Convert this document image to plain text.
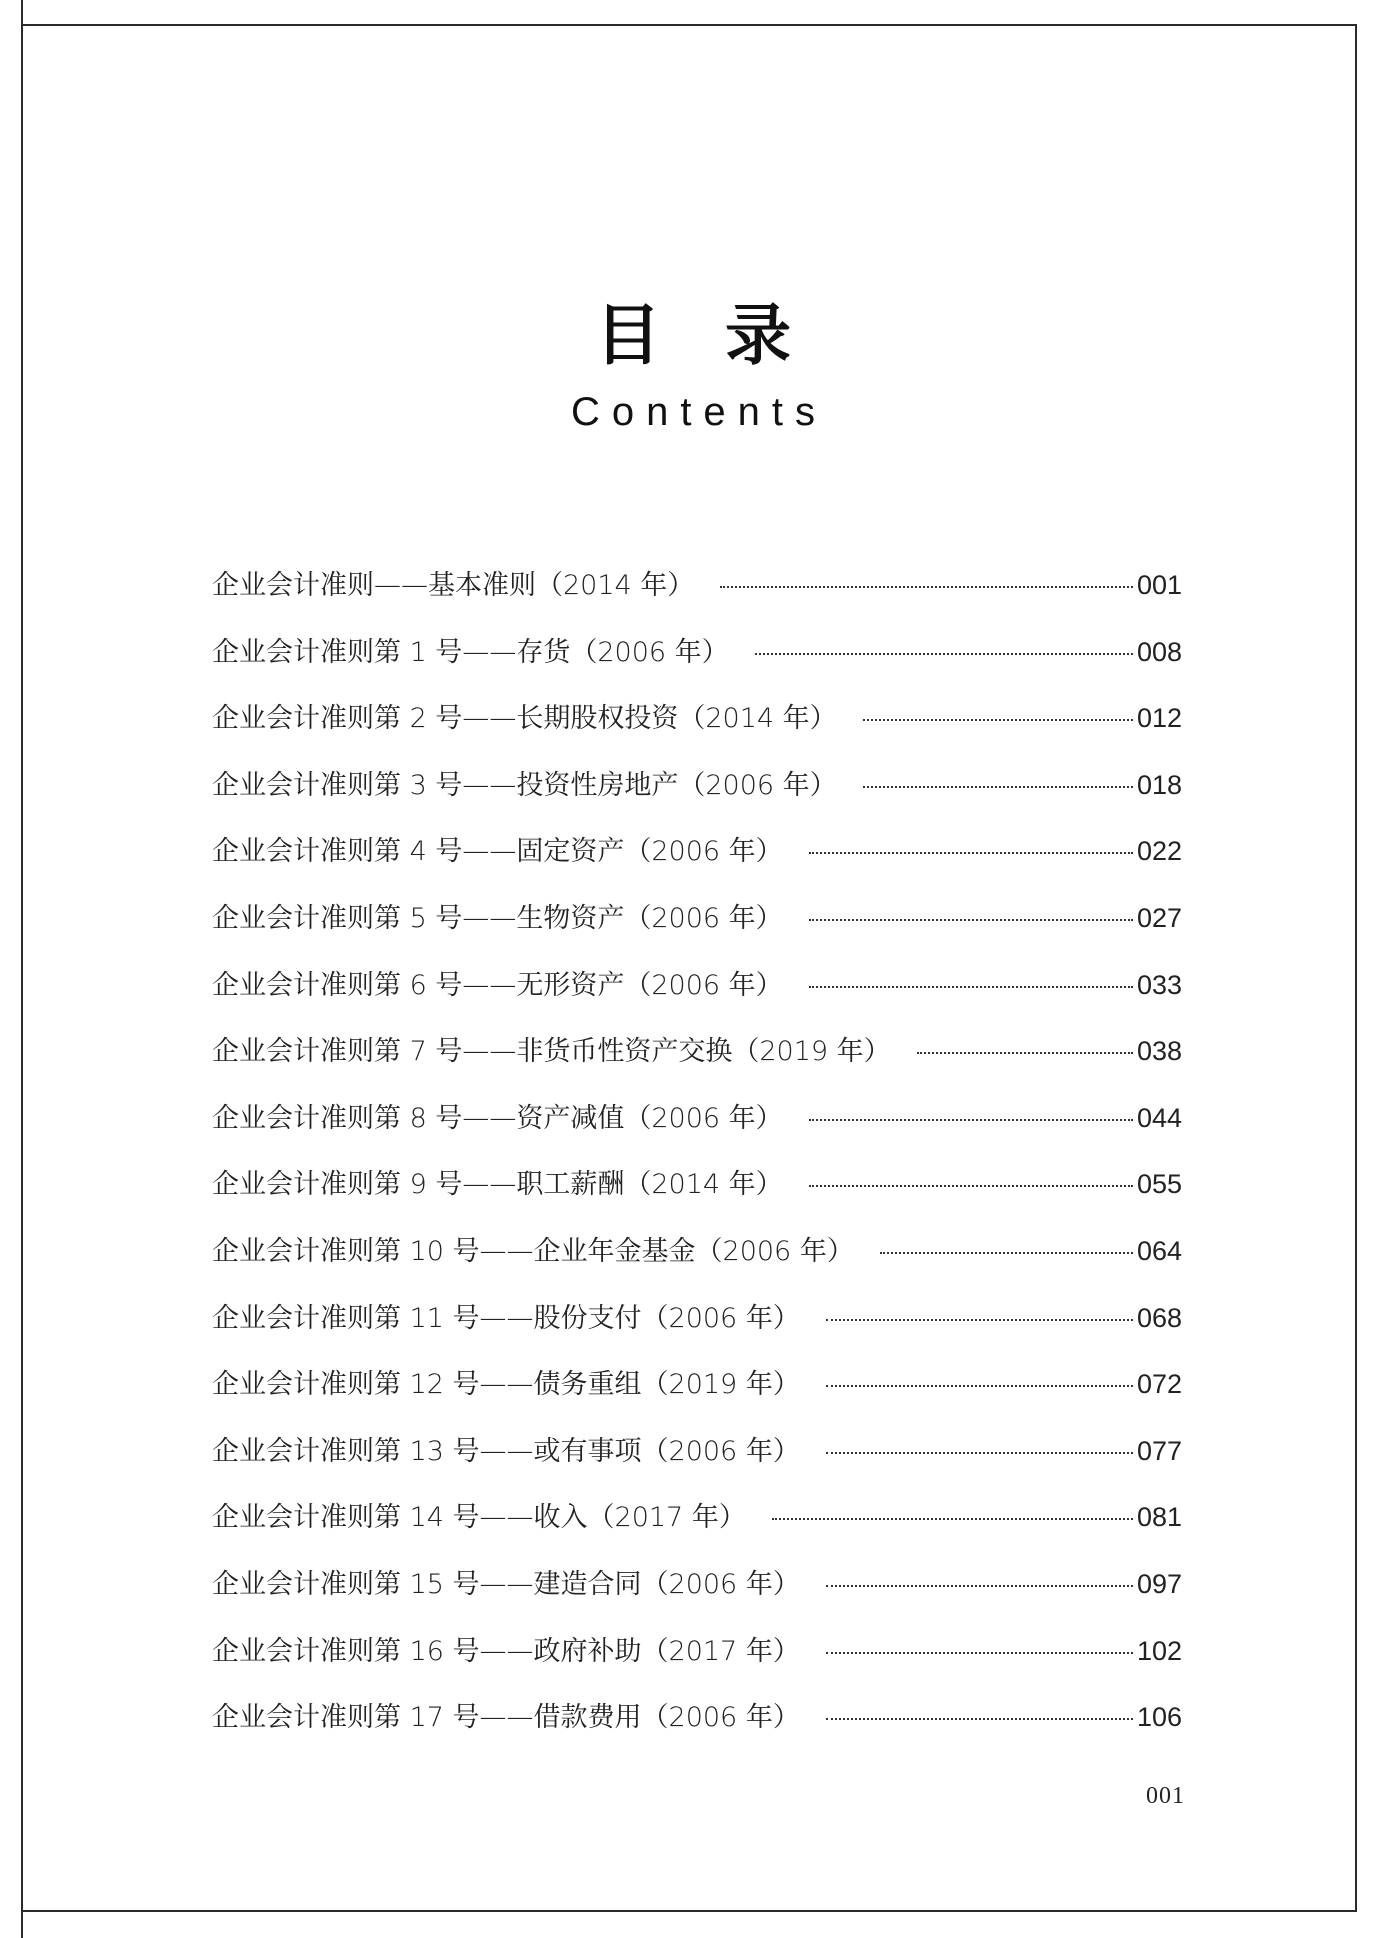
目录
Contents
企业会计准则——基本准则（2014 年）	001
企业会计准则第 1 号——存货（2006 年）	008
企业会计准则第 2 号——长期股权投资（2014 年）	012
企业会计准则第 3 号——投资性房地产（2006 年）	018
企业会计准则第 4 号——固定资产（2006 年）	022
企业会计准则第 5 号——生物资产（2006 年）	027
企业会计准则第 6 号——无形资产（2006 年）	033
企业会计准则第 7 号——非货币性资产交换（2019 年）	038
企业会计准则第 8 号——资产减值（2006 年）	044
企业会计准则第 9 号——职工薪酬（2014 年）	055
企业会计准则第 10 号——企业年金基金（2006 年）	064
企业会计准则第 11 号——股份支付（2006 年）	068
企业会计准则第 12 号——债务重组（2019 年）	072
企业会计准则第 13 号——或有事项（2006 年）	077
企业会计准则第 14 号——收入（2017 年）	081
企业会计准则第 15 号——建造合同（2006 年）	097
企业会计准则第 16 号——政府补助（2017 年）	102
企业会计准则第 17 号——借款费用（2006 年）	106
001
